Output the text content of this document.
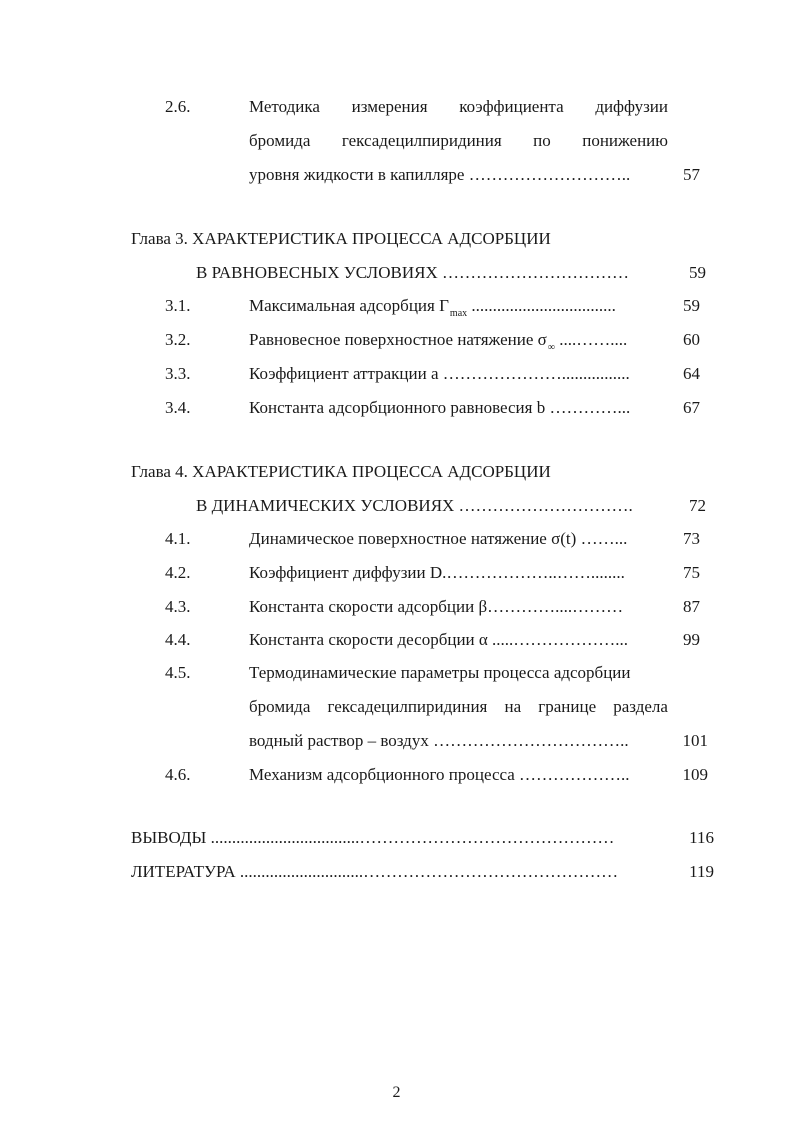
2.6.	Методика измерения коэффициента диффузии
бромида гексадецилпиридиния по понижению
уровня жидкости в капилляре ………………………..	57
Глава 3. ХАРАКТЕРИСТИКА ПРОЦЕССА АДСОРБЦИИ
В РАВНОВЕСНЫХ УСЛОВИЯХ ……………………………	59
3.1.	Максимальная адсорбция $Г_{max}$ ..................................	59
3.2.	Равновесное поверхностное натяжение $\sigma_\infty$ ....……....	60
3.3.	Коэффициент аттракции а …………………................	64
3.4.	Константа адсорбционного равновесия b …………...	67
Глава 4. ХАРАКТЕРИСТИКА ПРОЦЕССА АДСОРБЦИИ
В ДИНАМИЧЕСКИХ УСЛОВИЯХ ………………………….	72
4.1.	Динамическое поверхностное натяжение σ(t) ……...	73
4.2.	Коэффициент диффузии D.………………..……........	75
4.3.	Константа скорости адсорбции β…………....………	87
4.4.	Константа скорости десорбции α .....………………...	99
4.5.	Термодинамические параметры процесса адсорбции
бромида гексадецилпиридиния на границе раздела
водный раствор – воздух ……………………………..	101
4.6.	Механизм адсорбционного процесса ………………..	109
ВЫВОДЫ ...................................………………………………………	116
ЛИТЕРАТУРА .............................………………………………………	119
2
